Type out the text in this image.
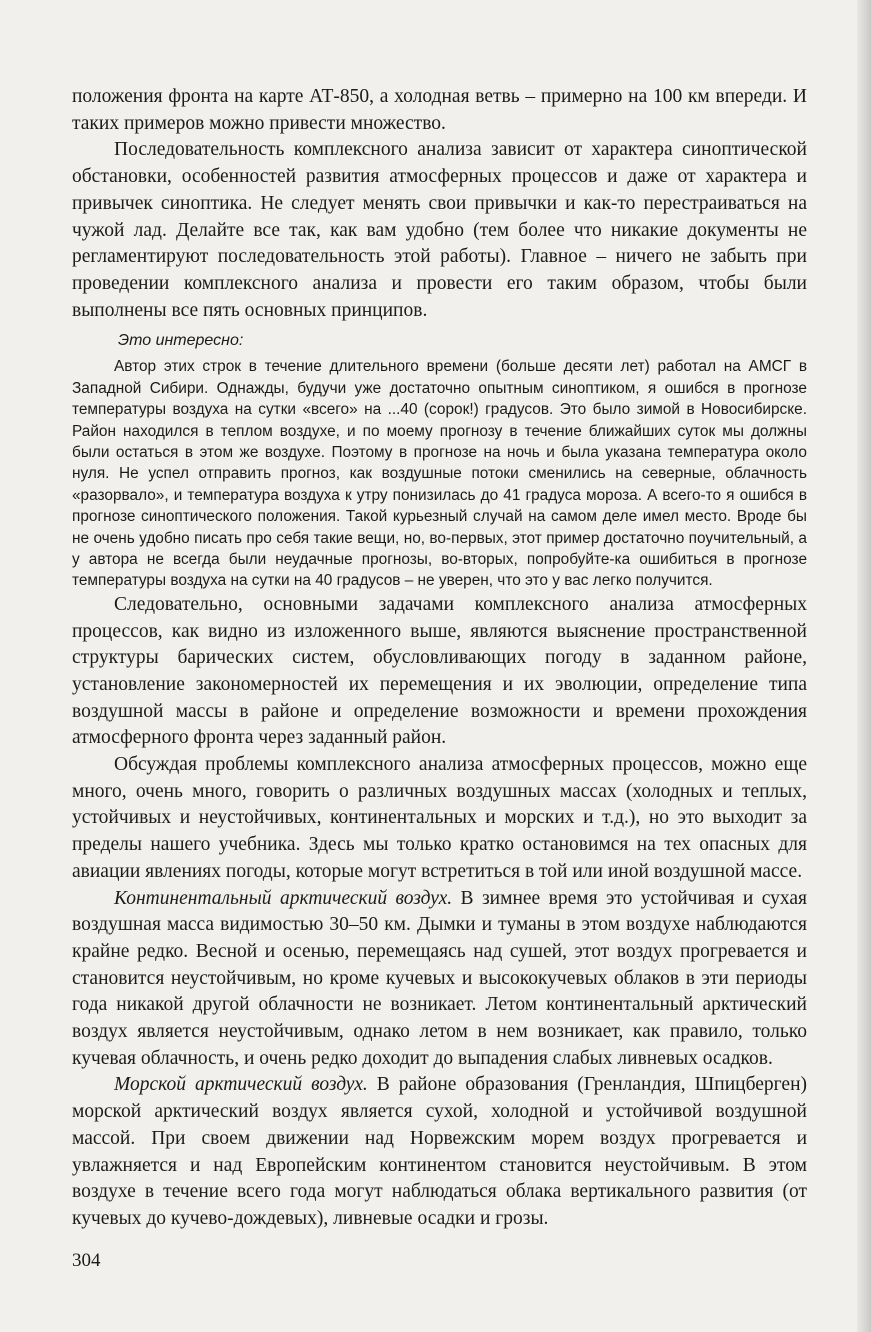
положения фронта на карте АТ-850, а холодная ветвь – примерно на 100 км впереди. И таких примеров можно привести множество.

Последовательность комплексного анализа зависит от характера синоптической обстановки, особенностей развития атмосферных процессов и даже от характера и привычек синоптика. Не следует менять свои привычки и как-то перестраиваться на чужой лад. Делайте все так, как вам удобно (тем более что никакие документы не регламентируют последовательность этой работы). Главное – ничего не забыть при проведении комплексного анализа и провести его таким образом, чтобы были выполнены все пять основных принципов.

Это интересно:

Автор этих строк в течение длительного времени (больше десяти лет) работал на АМСГ в Западной Сибири. Однажды, будучи уже достаточно опытным синоптиком, я ошибся в прогнозе температуры воздуха на сутки «всего» на ...40 (сорок!) градусов. Это было зимой в Новосибирске. Район находился в теплом воздухе, и по моему прогнозу в течение ближайших суток мы должны были остаться в этом же воздухе. Поэтому в прогнозе на ночь и была указана температура около нуля. Не успел отправить прогноз, как воздушные потоки сменились на северные, облачность «разорвало», и температура воздуха к утру понизилась до 41 градуса мороза. А всего-то я ошибся в прогнозе синоптического положения. Такой курьезный случай на самом деле имел место. Вроде бы не очень удобно писать про себя такие вещи, но, во-первых, этот пример достаточно поучительный, а у автора не всегда были неудачные прогнозы, во-вторых, попробуйте-ка ошибиться в прогнозе температуры воздуха на сутки на 40 градусов – не уверен, что это у вас легко получится.

Следовательно, основными задачами комплексного анализа атмосферных процессов, как видно из изложенного выше, являются выяснение пространственной структуры барических систем, обусловливающих погоду в заданном районе, установление закономерностей их перемещения и их эволюции, определение типа воздушной массы в районе и определение возможности и времени прохождения атмосферного фронта через заданный район.

Обсуждая проблемы комплексного анализа атмосферных процессов, можно еще много, очень много, говорить о различных воздушных массах (холодных и теплых, устойчивых и неустойчивых, континентальных и морских и т.д.), но это выходит за пределы нашего учебника. Здесь мы только кратко остановимся на тех опасных для авиации явлениях погоды, которые могут встретиться в той или иной воздушной массе.

Континентальный арктический воздух. В зимнее время это устойчивая и сухая воздушная масса видимостью 30–50 км. Дымки и туманы в этом воздухе наблюдаются крайне редко. Весной и осенью, перемещаясь над сушей, этот воздух прогревается и становится неустойчивым, но кроме кучевых и высококучевых облаков в эти периоды года никакой другой облачности не возникает. Летом континентальный арктический воздух является неустойчивым, однако летом в нем возникает, как правило, только кучевая облачность, и очень редко доходит до выпадения слабых ливневых осадков.

Морской арктический воздух. В районе образования (Гренландия, Шпицберген) морской арктический воздух является сухой, холодной и устойчивой воздушной массой. При своем движении над Норвежским морем воздух прогревается и увлажняется и над Европейским континентом становится неустойчивым. В этом воздухе в течение всего года могут наблюдаться облака вертикального развития (от кучевых до кучево-дождевых), ливневые осадки и грозы.

304
